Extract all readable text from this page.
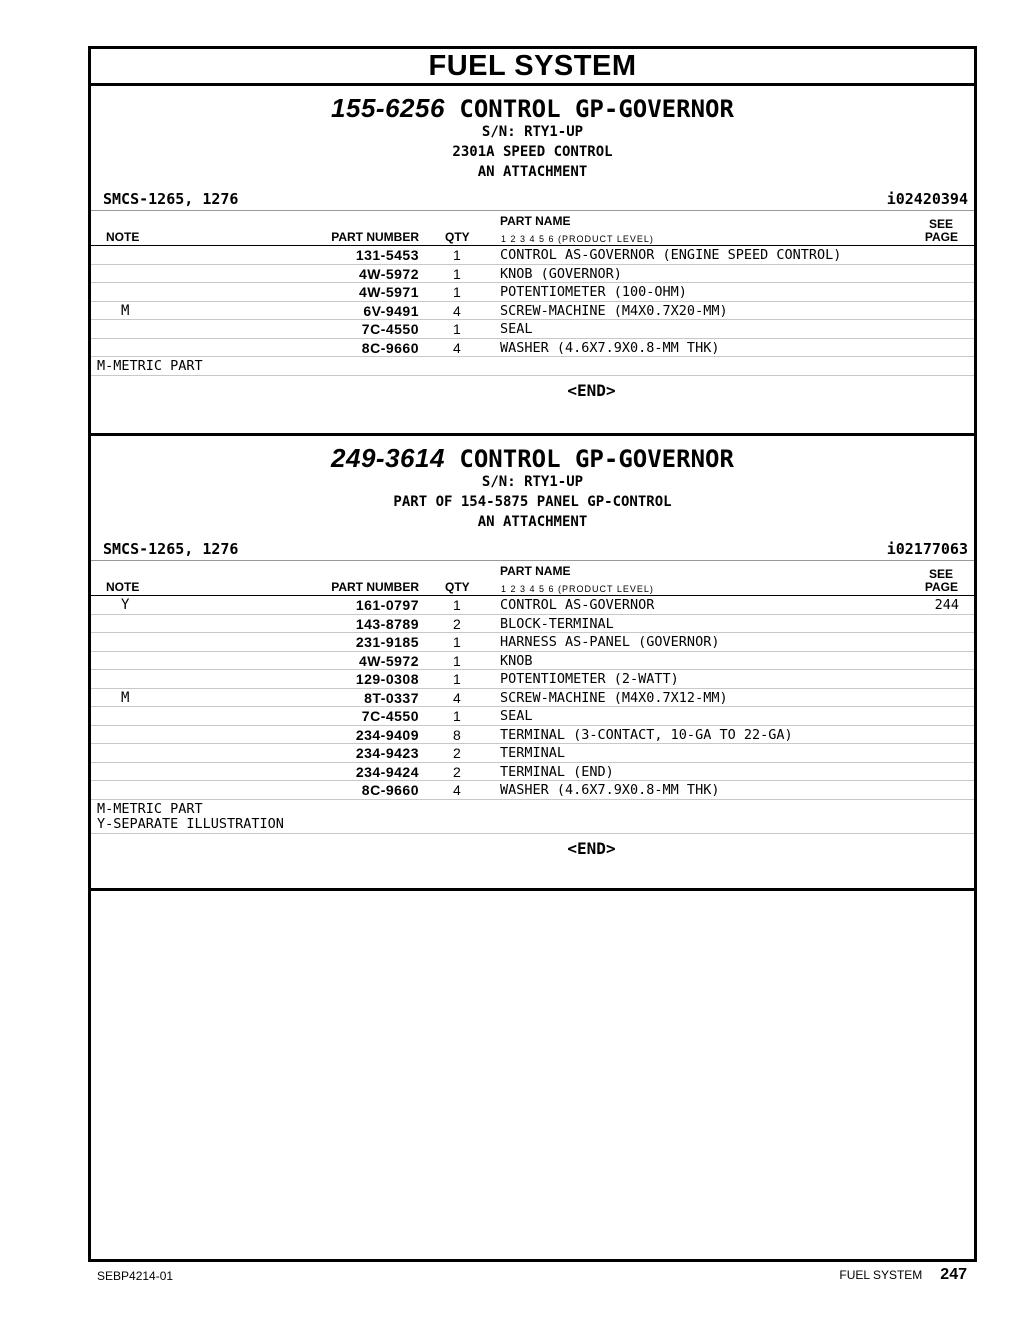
FUEL SYSTEM
155-6256 CONTROL GP-GOVERNOR
S/N: RTY1-UP
2301A SPEED CONTROL
AN ATTACHMENT
SMCS-1265, 1276	i02420394
NOTE	PART NUMBER QTY
PART NAME
1 2 3 4 5 6 (PRODUCT LEVEL)
SEE
PAGE
131-5453 1	CONTROL AS-GOVERNOR (ENGINE SPEED CONTROL)
4W-5972 1	KNOB (GOVERNOR)
4W-5971 1	POTENTIOMETER (100-OHM)
M	6V-9491 4	SCREW-MACHINE (M4X0.7X20-MM)
7C-4550 1	SEAL
8C-9660 4	WASHER (4.6X7.9X0.8-MM THK)
M-METRIC PART
<END>
249-3614 CONTROL GP-GOVERNOR
S/N: RTY1-UP
PART OF 154-5875 PANEL GP-CONTROL
AN ATTACHMENT
SMCS-1265, 1276	i02177063
NOTE	PART NUMBER QTY
PART NAME
1 2 3 4 5 6 (PRODUCT LEVEL)
SEE
PAGE
Y	161-0797 1	CONTROL AS-GOVERNOR	244
143-8789 2	BLOCK-TERMINAL
231-9185 1	HARNESS AS-PANEL (GOVERNOR)
4W-5972 1	KNOB
129-0308 1	POTENTIOMETER (2-WATT)
M	8T-0337 4	SCREW-MACHINE (M4X0.7X12-MM)
7C-4550 1	SEAL
234-9409 8	TERMINAL (3-CONTACT, 10-GA TO 22-GA)
234-9423 2	TERMINAL
234-9424 2	TERMINAL (END)
8C-9660 4	WASHER (4.6X7.9X0.8-MM THK)
M-METRIC PART
Y-SEPARATE ILLUSTRATION
<END>
SEBP4214-01	FUEL SYSTEM 247
